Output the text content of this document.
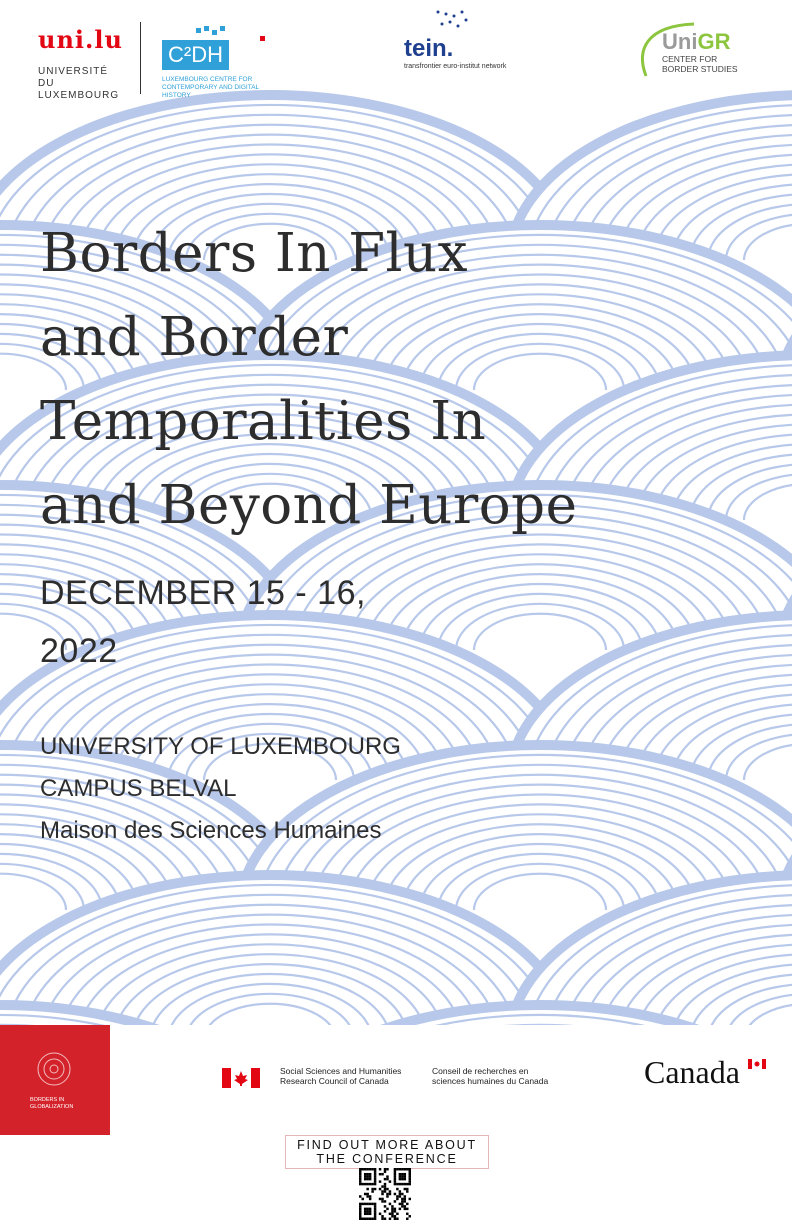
uni.lu
UNIVERSITÉ DU
LUXEMBOURG
C²DH
LUXEMBOURG CENTRE FOR
CONTEMPORARY AND DIGITAL HISTORY
tein.
transfrontier euro-institut network
UniGR
CENTER FOR
BORDER STUDIES
Borders In Flux
and Border
Temporalities In
and Beyond Europe
DECEMBER 15 - 16,
2022
UNIVERSITY OF LUXEMBOURG
CAMPUS BELVAL
Maison des Sciences Humaines
BORDERS IN
GLOBALIZATION
Social Sciences and Humanities
Research Council of Canada
Conseil de recherches en
sciences humaines du Canada	Canada
FIND OUT MORE ABOUT
THE CONFERENCE
